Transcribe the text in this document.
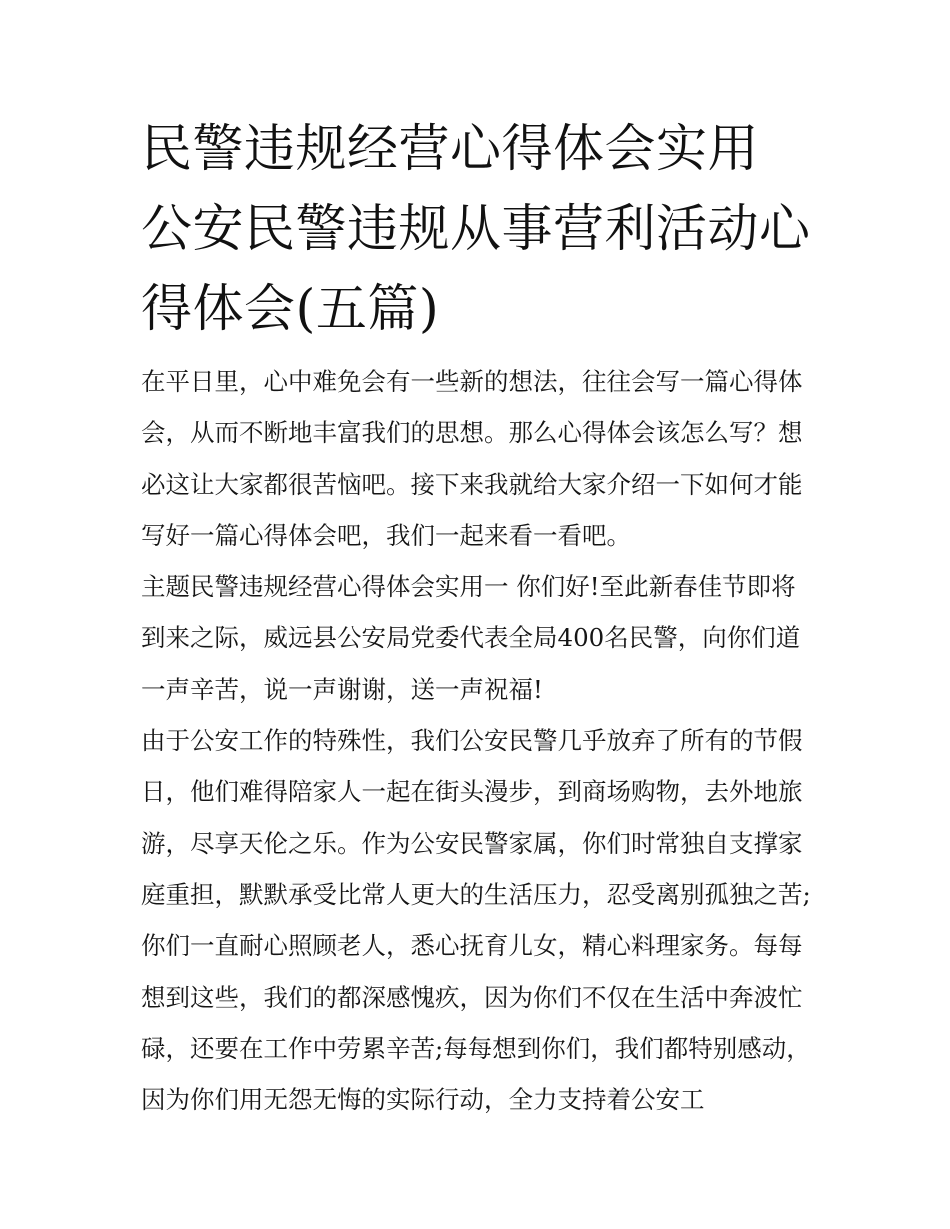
民警违规经营心得体会实用 公安民警违规从事营利活动心得体会(五篇)

在平日里，心中难免会有一些新的想法，往往会写一篇心得体会，从而不断地丰富我们的思想。那么心得体会该怎么写？想必这让大家都很苦恼吧。接下来我就给大家介绍一下如何才能写好一篇心得体会吧，我们一起来看一看吧。

主题民警违规经营心得体会实用一 你们好!至此新春佳节即将到来之际，威远县公安局党委代表全局400名民警，向你们道一声辛苦，说一声谢谢，送一声祝福!

由于公安工作的特殊性，我们公安民警几乎放弃了所有的节假日，他们难得陪家人一起在街头漫步，到商场购物，去外地旅游，尽享天伦之乐。作为公安民警家属，你们时常独自支撑家庭重担，默默承受比常人更大的生活压力，忍受离别孤独之苦;你们一直耐心照顾老人，悉心抚育儿女，精心料理家务。每每想到这些，我们的都深感愧疚，因为你们不仅在生活中奔波忙碌，还要在工作中劳累辛苦;每每想到你们，我们都特别感动，因为你们用无怨无悔的实际行动，全力支持着公安工
